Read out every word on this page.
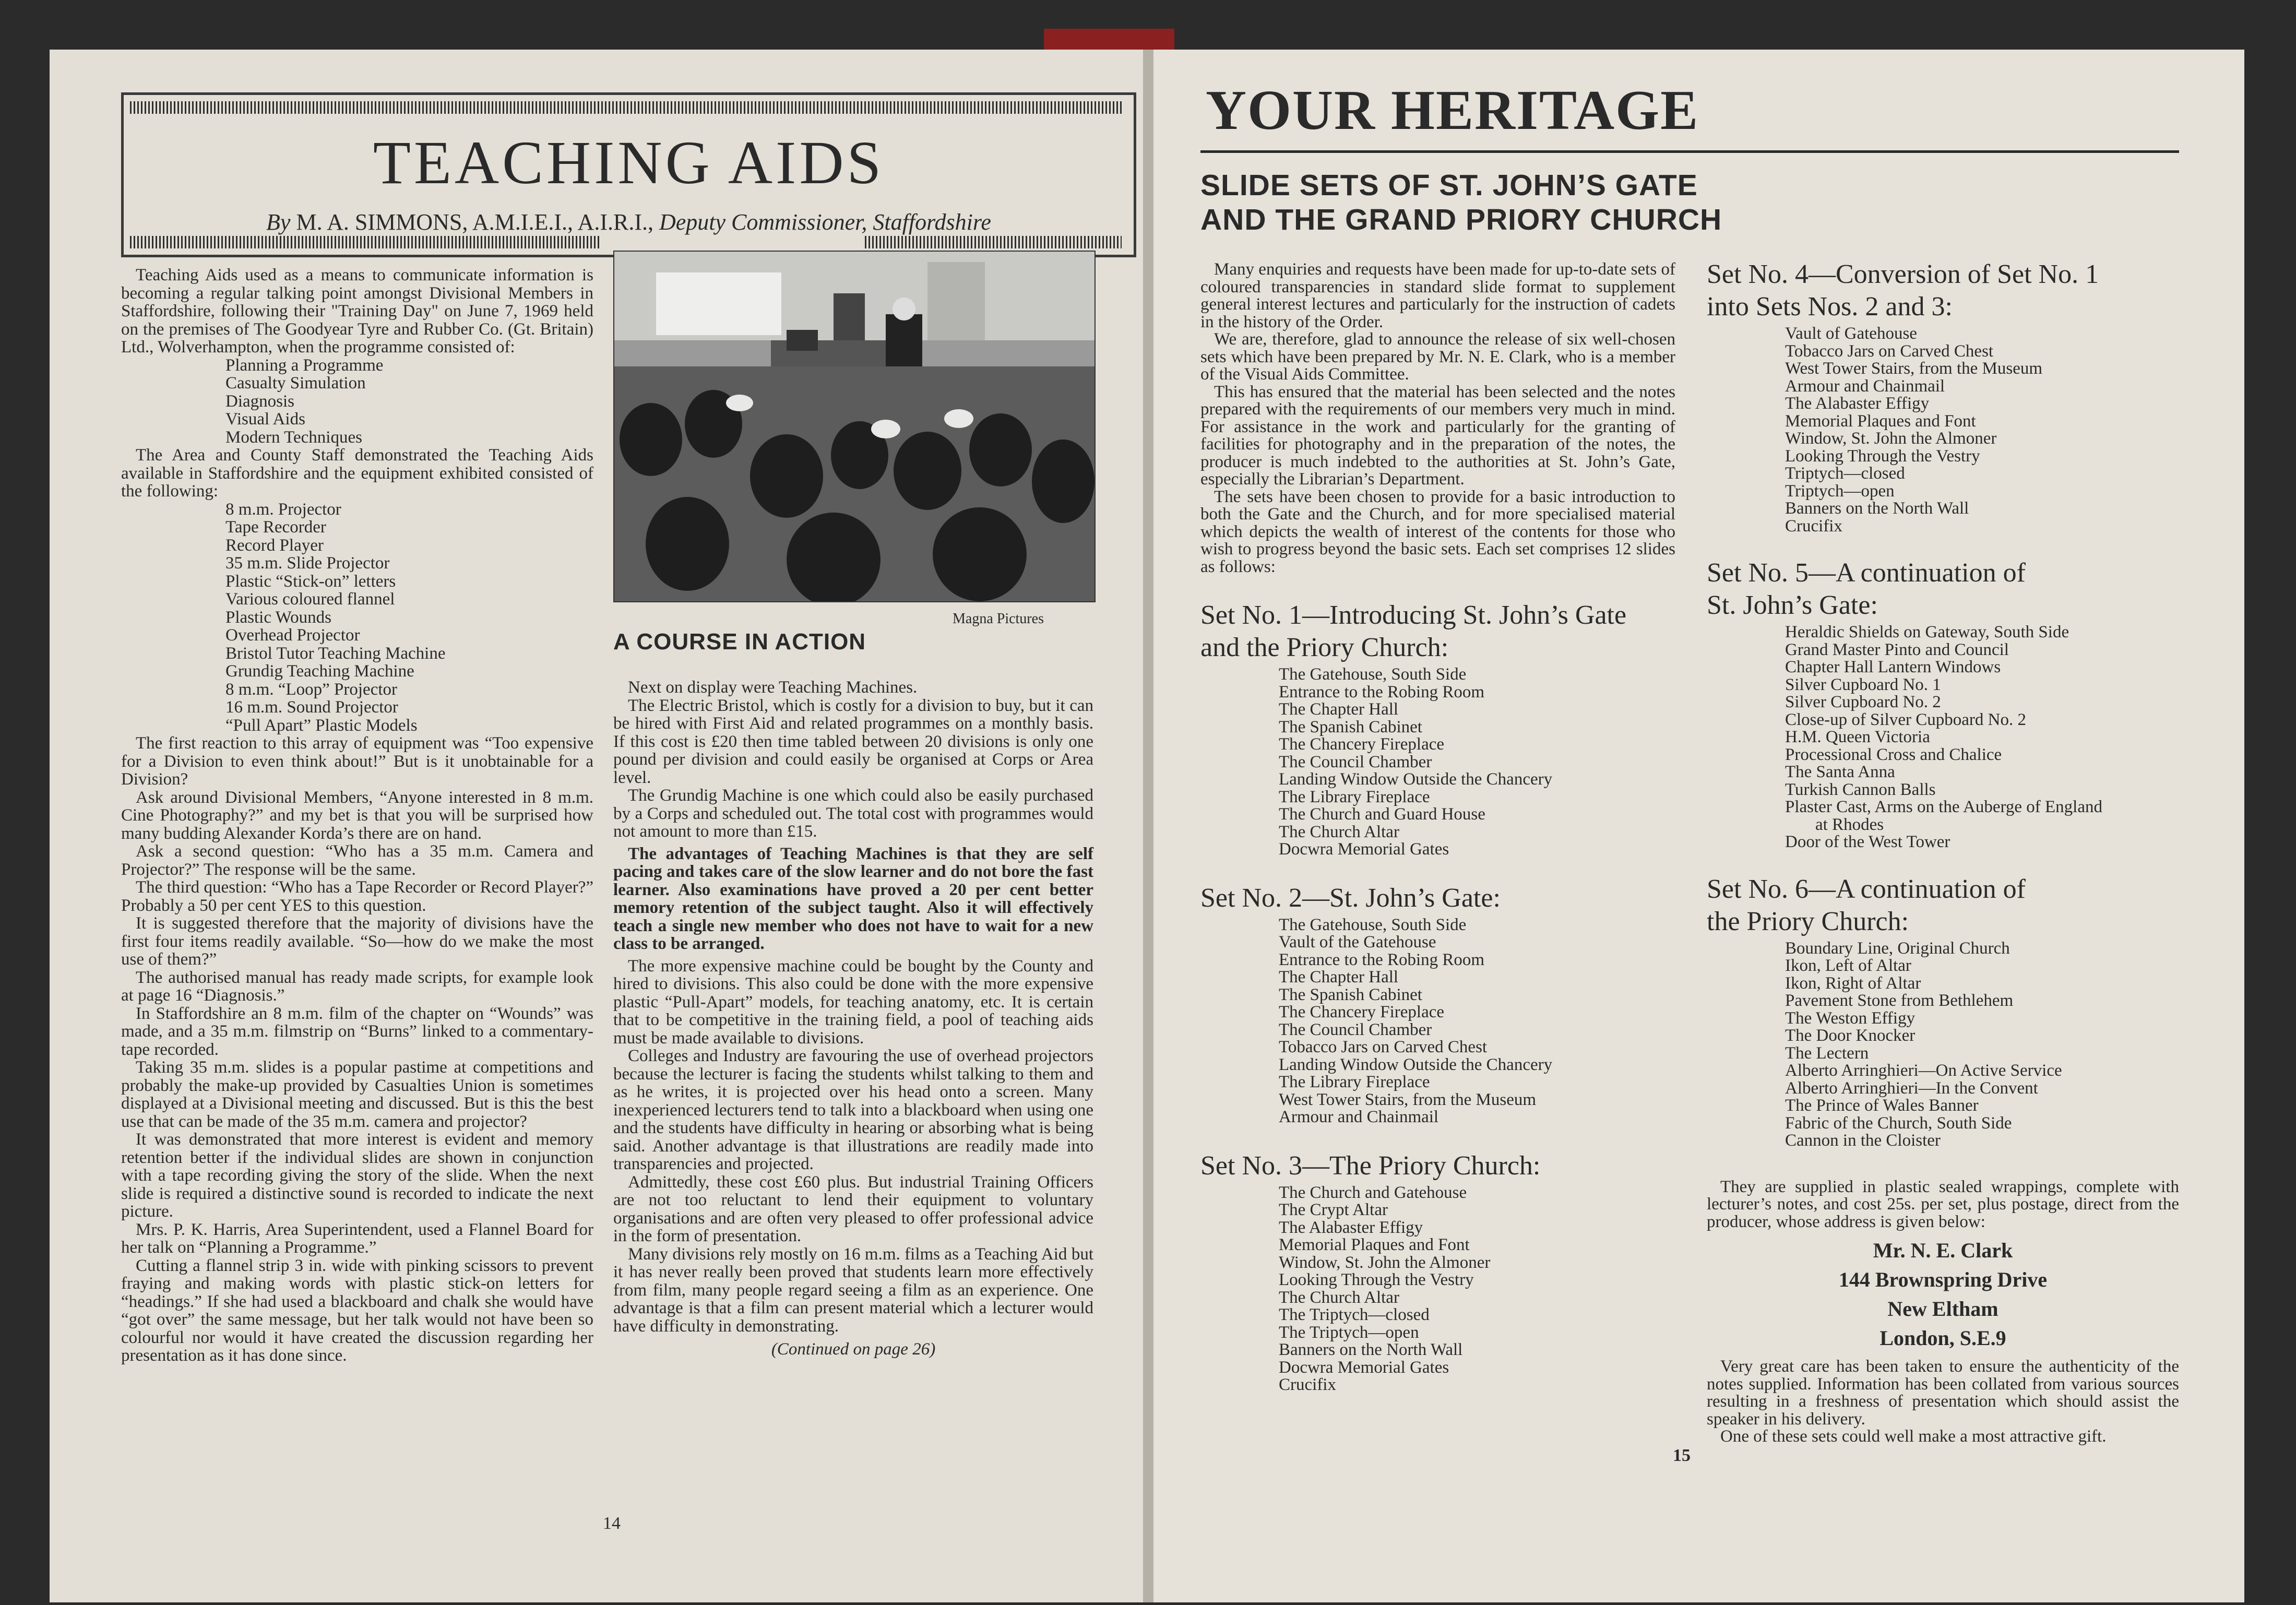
TEACHING AIDS
By M. A. SIMMONS, A.M.I.E.I., A.I.R.I., Deputy Commissioner, Staffordshire

Teaching Aids used as a means to communicate information is becoming a regular talking point amongst Divisional Members in Staffordshire, following their "Training Day" on June 7, 1969 held on the premises of The Goodyear Tyre and Rubber Co. (Gt. Britain) Ltd., Wolverhampton, when the programme consisted of:

Planning a Programme
Casualty Simulation
Diagnosis
Visual Aids
Modern Techniques

The Area and County Staff demonstrated the Teaching Aids available in Staffordshire and the equipment exhibited consisted of the following:

8 m.m. Projector
Tape Recorder
Record Player
35 m.m. Slide Projector
Plastic “Stick-on” letters
Various coloured flannel
Plastic Wounds
Overhead Projector
Bristol Tutor Teaching Machine
Grundig Teaching Machine
8 m.m. “Loop” Projector
16 m.m. Sound Projector
“Pull Apart” Plastic Models

The first reaction to this array of equipment was “Too expensive for a Division to even think about!” But is it unobtainable for a Division?

Ask around Divisional Members, “Anyone interested in 8 m.m. Cine Photography?” and my bet is that you will be surprised how many budding Alexander Korda’s there are on hand.

Ask a second question: “Who has a 35 m.m. Camera and Projector?” The response will be the same.

The third question: “Who has a Tape Recorder or Record Player?” Probably a 50 per cent YES to this question.

It is suggested therefore that the majority of divisions have the first four items readily available. “So—how do we make the most use of them?”

The authorised manual has ready made scripts, for example look at page 16 “Diagnosis.”

In Staffordshire an 8 m.m. film of the chapter on “Wounds” was made, and a 35 m.m. filmstrip on “Burns” linked to a commentary-tape recorded.

Taking 35 m.m. slides is a popular pastime at competitions and probably the make-up provided by Casualties Union is sometimes displayed at a Divisional meeting and discussed. But is this the best use that can be made of the 35 m.m. camera and projector?

It was demonstrated that more interest is evident and memory retention better if the individual slides are shown in conjunction with a tape recording giving the story of the slide. When the next slide is required a distinctive sound is recorded to indicate the next picture.

Mrs. P. K. Harris, Area Superintendent, used a Flannel Board for her talk on “Planning a Programme.”

Cutting a flannel strip 3 in. wide with pinking scissors to prevent fraying and making words with plastic stick-on letters for “headings.” If she had used a blackboard and chalk she would have “got over” the same message, but her talk would not have been so colourful nor would it have created the discussion regarding her presentation as it has done since.

Magna Pictures
A COURSE IN ACTION

Next on display were Teaching Machines.

The Electric Bristol, which is costly for a division to buy, but it can be hired with First Aid and related programmes on a monthly basis. If this cost is £20 then time tabled between 20 divisions is only one pound per division and could easily be organised at Corps or Area level.

The Grundig Machine is one which could also be easily purchased by a Corps and scheduled out. The total cost with programmes would not amount to more than £15.

The advantages of Teaching Machines is that they are self pacing and takes care of the slow learner and do not bore the fast learner. Also examinations have proved a 20 per cent better memory retention of the subject taught. Also it will effectively teach a single new member who does not have to wait for a new class to be arranged.

The more expensive machine could be bought by the County and hired to divisions. This also could be done with the more expensive plastic “Pull-Apart” models, for teaching anatomy, etc. It is certain that to be competitive in the training field, a pool of teaching aids must be made available to divisions.

Colleges and Industry are favouring the use of overhead projectors because the lecturer is facing the students whilst talking to them and as he writes, it is projected over his head onto a screen. Many inexperienced lecturers tend to talk into a blackboard when using one and the students have difficulty in hearing or absorbing what is being said. Another advantage is that illustrations are readily made into transparencies and projected.

Admittedly, these cost £60 plus. But industrial Training Officers are not too reluctant to lend their equipment to voluntary organisations and are often very pleased to offer professional advice in the form of presentation.

Many divisions rely mostly on 16 m.m. films as a Teaching Aid but it has never really been proved that students learn more effectively from film, many people regard seeing a film as an experience. One advantage is that a film can present material which a lecturer would have difficulty in demonstrating.

(Continued on page 26)

14
YOUR HERITAGE
SLIDE SETS OF ST. JOHN’S GATE
AND THE GRAND PRIORY CHURCH

Many enquiries and requests have been made for up-to-date sets of coloured transparencies in standard slide format to supplement general interest lectures and particularly for the instruction of cadets in the history of the Order.

We are, therefore, glad to announce the release of six well-chosen sets which have been prepared by Mr. N. E. Clark, who is a member of the Visual Aids Committee.

This has ensured that the material has been selected and the notes prepared with the requirements of our members very much in mind. For assistance in the work and particularly for the granting of facilities for photography and in the preparation of the notes, the producer is much indebted to the authorities at St. John’s Gate, especially the Librarian’s Department.

The sets have been chosen to provide for a basic introduction to both the Gate and the Church, and for more specialised material which depicts the wealth of interest of the contents for those who wish to progress beyond the basic sets. Each set comprises 12 slides as follows:

Set No. 1—Introducing St. John’s Gate
and the Priory Church:
The Gatehouse, South Side
Entrance to the Robing Room
The Chapter Hall
The Spanish Cabinet
The Chancery Fireplace
The Council Chamber
Landing Window Outside the Chancery
The Library Fireplace
The Church and Guard House
The Church Altar
Docwra Memorial Gates
Set No. 2—St. John’s Gate:
The Gatehouse, South Side
Vault of the Gatehouse
Entrance to the Robing Room
The Chapter Hall
The Spanish Cabinet
The Chancery Fireplace
The Council Chamber
Tobacco Jars on Carved Chest
Landing Window Outside the Chancery
The Library Fireplace
West Tower Stairs, from the Museum
Armour and Chainmail
Set No. 3—The Priory Church:
The Church and Gatehouse
The Crypt Altar
The Alabaster Effigy
Memorial Plaques and Font
Window, St. John the Almoner
Looking Through the Vestry
The Church Altar
The Triptych—closed
The Triptych—open
Banners on the North Wall
Docwra Memorial Gates
Crucifix
Set No. 4—Conversion of Set No. 1
into Sets Nos. 2 and 3:
Vault of Gatehouse
Tobacco Jars on Carved Chest
West Tower Stairs, from the Museum
Armour and Chainmail
The Alabaster Effigy
Memorial Plaques and Font
Window, St. John the Almoner
Looking Through the Vestry
Triptych—closed
Triptych—open
Banners on the North Wall
Crucifix
Set No. 5—A continuation of
St. John’s Gate:
Heraldic Shields on Gateway, South Side
Grand Master Pinto and Council
Chapter Hall Lantern Windows
Silver Cupboard No. 1
Silver Cupboard No. 2
Close-up of Silver Cupboard No. 2
H.M. Queen Victoria
Processional Cross and Chalice
The Santa Anna
Turkish Cannon Balls
Plaster Cast, Arms on the Auberge of England
at Rhodes
Door of the West Tower
Set No. 6—A continuation of
the Priory Church:
Boundary Line, Original Church
Ikon, Left of Altar
Ikon, Right of Altar
Pavement Stone from Bethlehem
The Weston Effigy
The Door Knocker
The Lectern
Alberto Arringhieri—On Active Service
Alberto Arringhieri—In the Convent
The Prince of Wales Banner
Fabric of the Church, South Side
Cannon in the Cloister

They are supplied in plastic sealed wrappings, complete with lecturer’s notes, and cost 25s. per set, plus postage, direct from the producer, whose address is given below:

Mr. N. E. Clark
144 Brownspring Drive
New Eltham
London, S.E.9

Very great care has been taken to ensure the authenticity of the notes supplied. Information has been collated from various sources resulting in a freshness of presentation which should assist the speaker in his delivery.

One of these sets could well make a most attractive gift.

15
